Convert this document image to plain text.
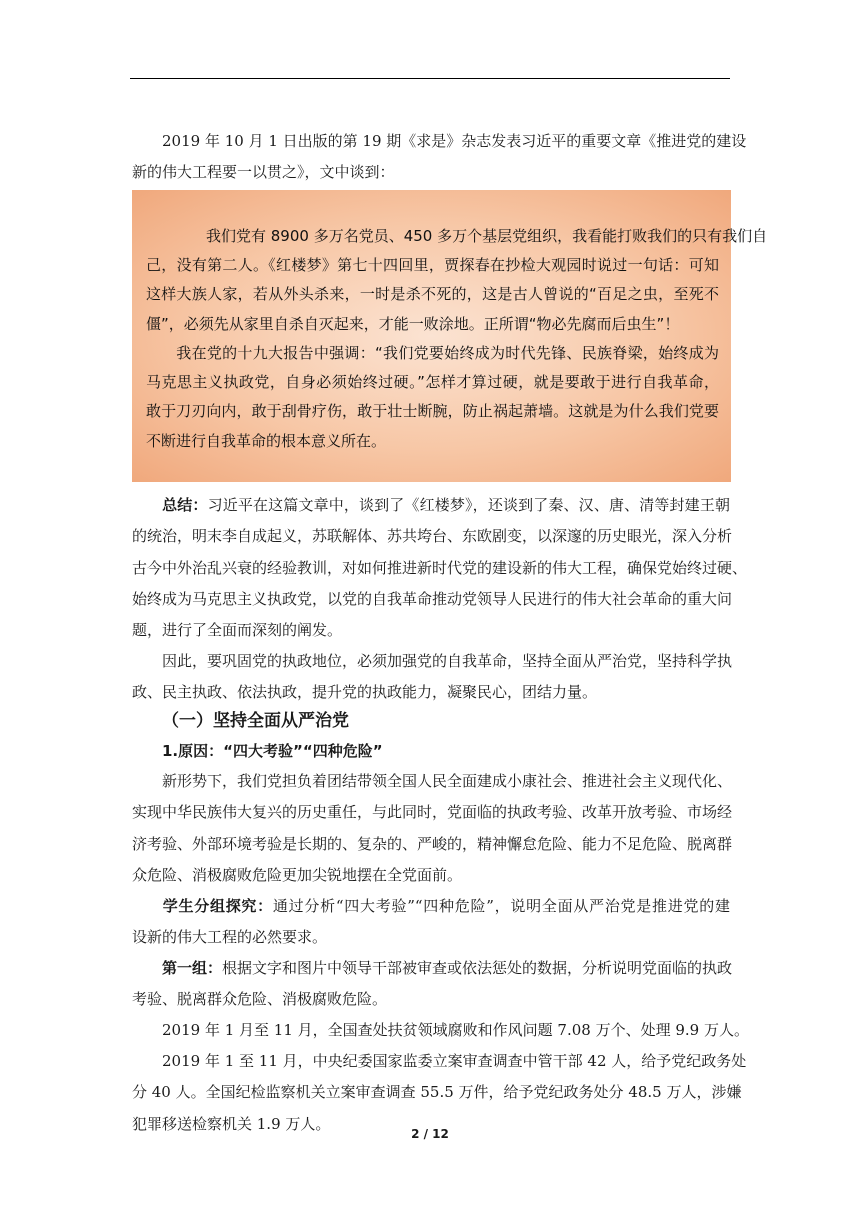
2019 年 10 月 1 日出版的第 19 期《求是》杂志发表习近平的重要文章《推进党的建设
新的伟大工程要一以贯之》，文中谈到：
我们党有 8900 多万名党员、450 多万个基层党组织，我看能打败我们的只有我们自
己，没有第二人。《红楼梦》第七十四回里，贾探春在抄检大观园时说过一句话：可知
这样大族人家，若从外头杀来，一时是杀不死的，这是古人曾说的“百足之虫，至死不
僵”，必须先从家里自杀自灭起来，才能一败涂地。正所谓“物必先腐而后虫生”！
我在党的十九大报告中强调：“我们党要始终成为时代先锋、民族脊梁，始终成为
马克思主义执政党，自身必须始终过硬。”怎样才算过硬，就是要敢于进行自我革命，
敢于刀刃向内，敢于刮骨疗伤，敢于壮士断腕，防止祸起萧墙。这就是为什么我们党要
不断进行自我革命的根本意义所在。
总结：习近平在这篇文章中，谈到了《红楼梦》，还谈到了秦、汉、唐、清等封建王朝
的统治，明末李自成起义，苏联解体、苏共垮台、东欧剧变，以深邃的历史眼光，深入分析
古今中外治乱兴衰的经验教训，对如何推进新时代党的建设新的伟大工程，确保党始终过硬、
始终成为马克思主义执政党，以党的自我革命推动党领导人民进行的伟大社会革命的重大问
题，进行了全面而深刻的阐发。
因此，要巩固党的执政地位，必须加强党的自我革命，坚持全面从严治党，坚持科学执
政、民主执政、依法执政，提升党的执政能力，凝聚民心，团结力量。
（一）坚持全面从严治党
1.原因：“四大考验”“四种危险”
新形势下，我们党担负着团结带领全国人民全面建成小康社会、推进社会主义现代化、
实现中华民族伟大复兴的历史重任，与此同时，党面临的执政考验、改革开放考验、市场经
济考验、外部环境考验是长期的、复杂的、严峻的，精神懈怠危险、能力不足危险、脱离群
众危险、消极腐败危险更加尖锐地摆在全党面前。
学生分组探究：通过分析“四大考验”“四种危险”，说明全面从严治党是推进党的建
设新的伟大工程的必然要求。
第一组：根据文字和图片中领导干部被审查或依法惩处的数据，分析说明党面临的执政
考验、脱离群众危险、消极腐败危险。
2019 年 1 月至 11 月，全国查处扶贫领域腐败和作风问题 7.08 万个、处理 9.9 万人。
2019 年 1 至 11 月，中央纪委国家监委立案审查调查中管干部 42 人，给予党纪政务处
分 40 人。全国纪检监察机关立案审查调查 55.5 万件，给予党纪政务处分 48.5 万人，涉嫌
犯罪移送检察机关 1.9 万人。
2 / 12
